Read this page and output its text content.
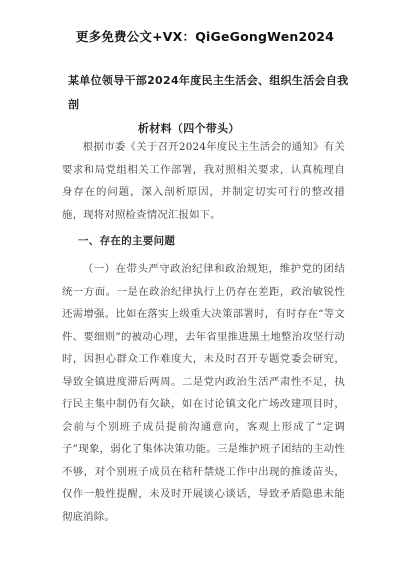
更多免费公文+VX：QiGeGongWen2024
某单位领导干部2024年度民主生活会、组织生活会自我剖
析材料（四个带头）
根据市委《关于召开2024年度民主生活会的通知》有关要求和局党组相关工作部署，我对照相关要求，认真梳理自身存在的问题，深入剖析原因，并制定切实可行的整改措施，现将对照检查情况汇报如下。
一、存在的主要问题
（一）在带头严守政治纪律和政治规矩，维护党的团结统一方面。一是在政治纪律执行上仍存在差距，政治敏锐性还需增强。比如在落实上级重大决策部署时，有时存在“等文件、要细则”的被动心理，去年省里推进黑土地整治攻坚行动时，因担心群众工作难度大，未及时召开专题党委会研究，导致全镇进度滞后两周。二是党内政治生活严肃性不足，执行民主集中制仍有欠缺，如在讨论镇文化广场改建项目时，会前与个别班子成员提前沟通意向，客观上形成了“定调子”现象，弱化了集体决策功能。三是维护班子团结的主动性不够，对个别班子成员在秸秆禁烧工作中出现的推诿苗头，仅作一般性提醒，未及时开展谈心谈话，导致矛盾隐患未能彻底消除。
